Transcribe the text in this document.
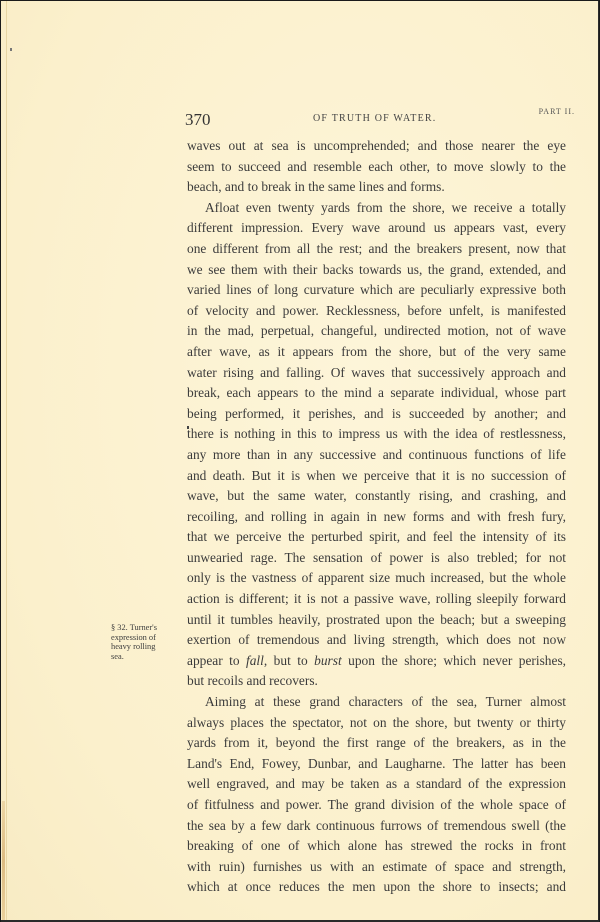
370	OF TRUTH OF WATER.
PART II.
§ 32. Turner's
expression of
heavy rolling
sea.
waves out at sea is uncomprehended; and those nearer the eye
seem to succeed and resemble each other, to move slowly to the
beach, and to break in the same lines and forms.
Afloat even twenty yards from the shore, we receive a totally
different impression. Every wave around us appears vast, every
one different from all the rest; and the breakers present, now that
we see them with their backs towards us, the grand, extended, and
varied lines of long curvature which are peculiarly expressive both
of velocity and power. Recklessness, before unfelt, is manifested
in the mad, perpetual, changeful, undirected motion, not of wave
after wave, as it appears from the shore, but of the very same
water rising and falling. Of waves that successively approach and
break, each appears to the mind a separate individual, whose part
being performed, it perishes, and is succeeded by another; and
there is nothing in this to impress us with the idea of restlessness,
any more than in any successive and continuous functions of life
and death. But it is when we perceive that it is no succession of
wave, but the same water, constantly rising, and crashing, and
recoiling, and rolling in again in new forms and with fresh fury,
that we perceive the perturbed spirit, and feel the intensity of its
unwearied rage. The sensation of power is also trebled; for not
only is the vastness of apparent size much increased, but the whole
action is different; it is not a passive wave, rolling sleepily forward
until it tumbles heavily, prostrated upon the beach; but a sweeping
exertion of tremendous and living strength, which does not now
appear to fall, but to burst upon the shore; which never perishes,
but recoils and recovers.
Aiming at these grand characters of the sea, Turner almost
always places the spectator, not on the shore, but twenty or thirty
yards from it, beyond the first range of the breakers, as in the
Land's End, Fowey, Dunbar, and Laugharne. The latter has been
well engraved, and may be taken as a standard of the expression
of fitfulness and power. The grand division of the whole space of
the sea by a few dark continuous furrows of tremendous swell (the
breaking of one of which alone has strewed the rocks in front
with ruin) furnishes us with an estimate of space and strength,
which at once reduces the men upon the shore to insects; and
